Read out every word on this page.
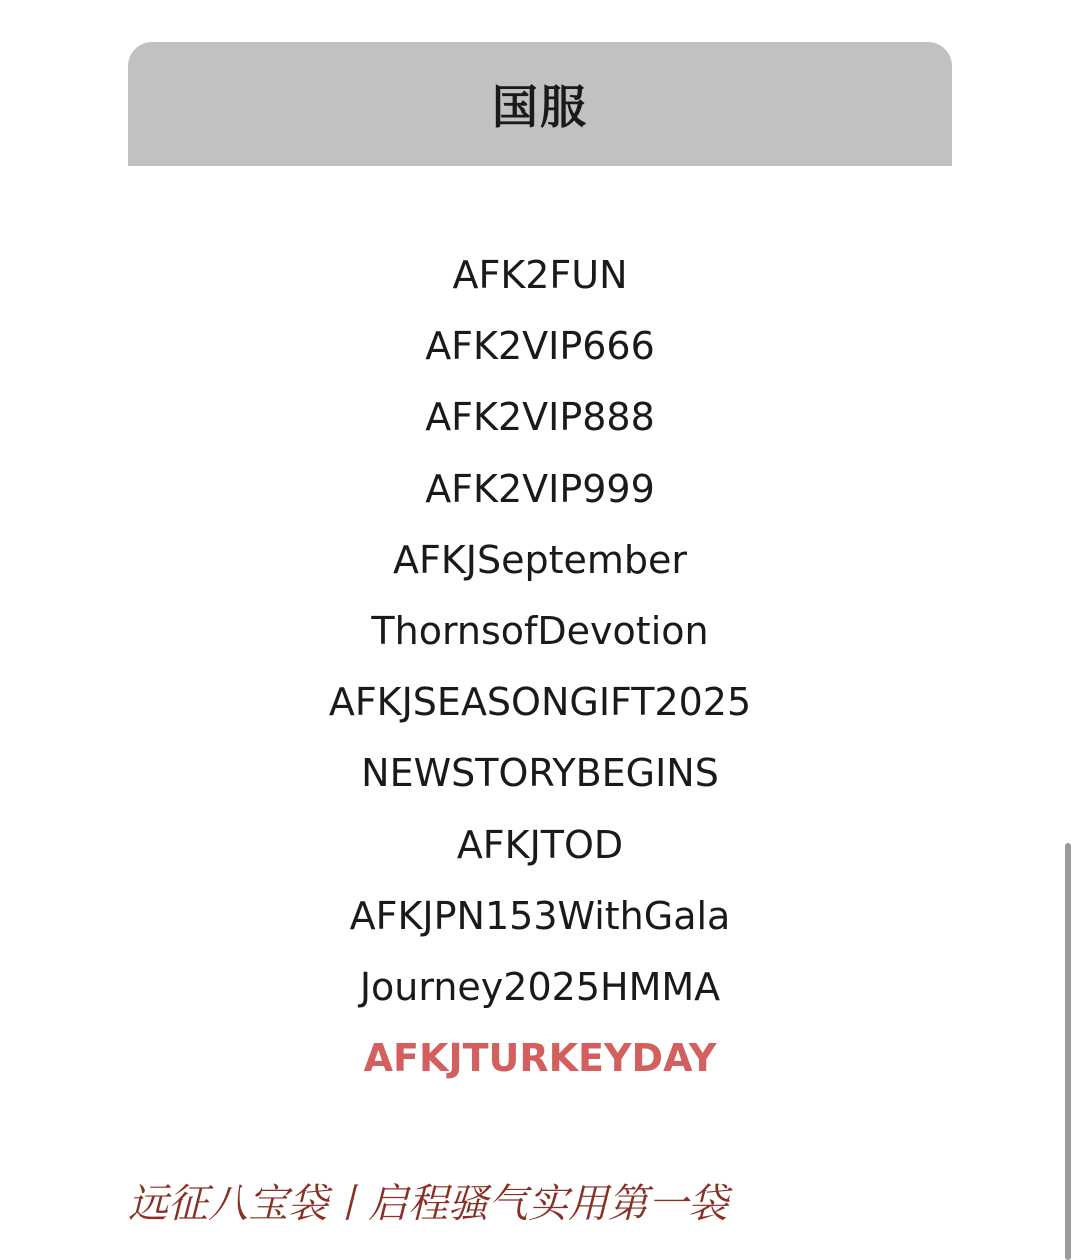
国服
AFK2FUN
AFK2VIP666
AFK2VIP888
AFK2VIP999
AFKJSeptember
ThornsofDevotion
AFKJSEASONGIFT2025
NEWSTORYBEGINS
AFKJTOD
AFKJPN153WithGala
Journey2025HMMA
AFKJTURKEYDAY
远征八宝袋丨启程骚气实用第一袋
